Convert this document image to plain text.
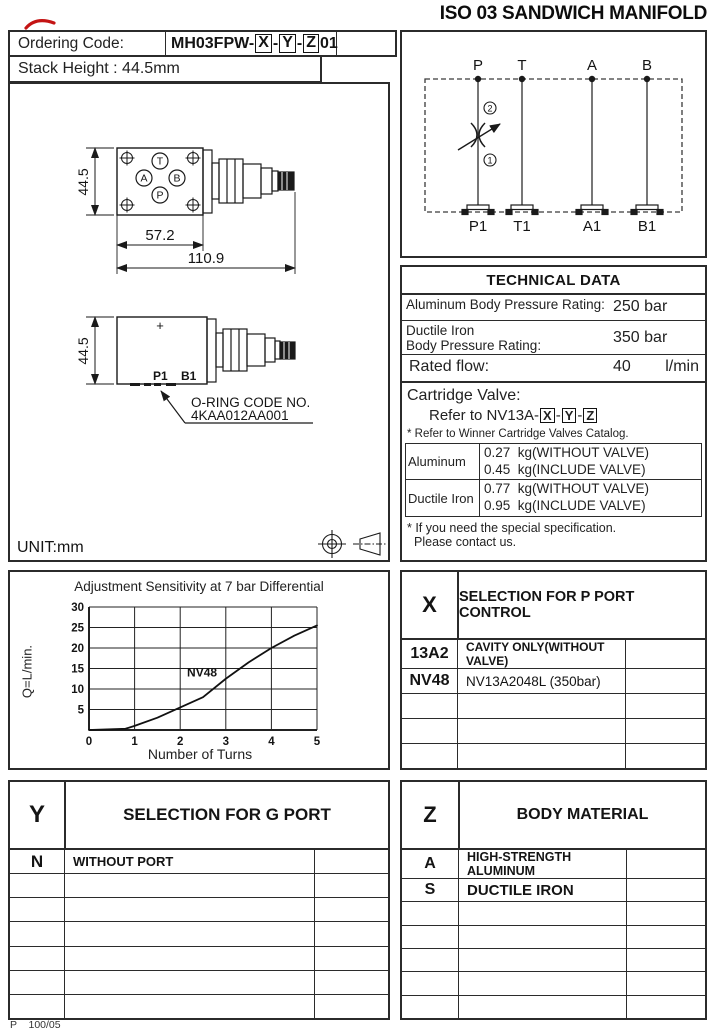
ISO 03 SANDWICH MANIFOLD
Ordering Code:	MH03FPW- X - Y - Z 01
Stack Height : 44.5mm
44.5
T
A B
P
57.2
110.9
+
44.5
P1 B1
O-RING CODE NO.
4KAA012AA001
UNIT:mm
P T	A	B
P1 T1	A1 B1
2
1
TECHNICAL DATA
Aluminum Body Pressure Rating: 250 bar
Ductile Iron
Body Pressure Rating:	350 bar
Rated flow:	40 l/min
Cartridge Valve:
Refer to NV13A- X - Y - Z
* Refer to Winner Cartridge Valves Catalog.
Aluminum
0.27  kg(WITHOUT VALVE)
0.45  kg(INCLUDE VALVE)
Ductile Iron
0.77  kg(WITHOUT VALVE)
0.95  kg(INCLUDE VALVE)
* If you need the special specification.
Please contact us.
Adjustment Sensitivity at 7 bar Differential
Q=L/min.
0	1	2	3	4	5
5
10
15
20
25
30
NV48
Number of Turns
X	SELECTION FOR P PORT CONTROL
13A2	CAVITY ONLY(WITHOUT VALVE)
NV48	NV13A2048L (350bar)
Y	SELECTION FOR G PORT
N	WITHOUT PORT
Z	BODY MATERIAL
A	HIGH-STRENGTH ALUMINUM
S	DUCTILE IRON
P    100/05
